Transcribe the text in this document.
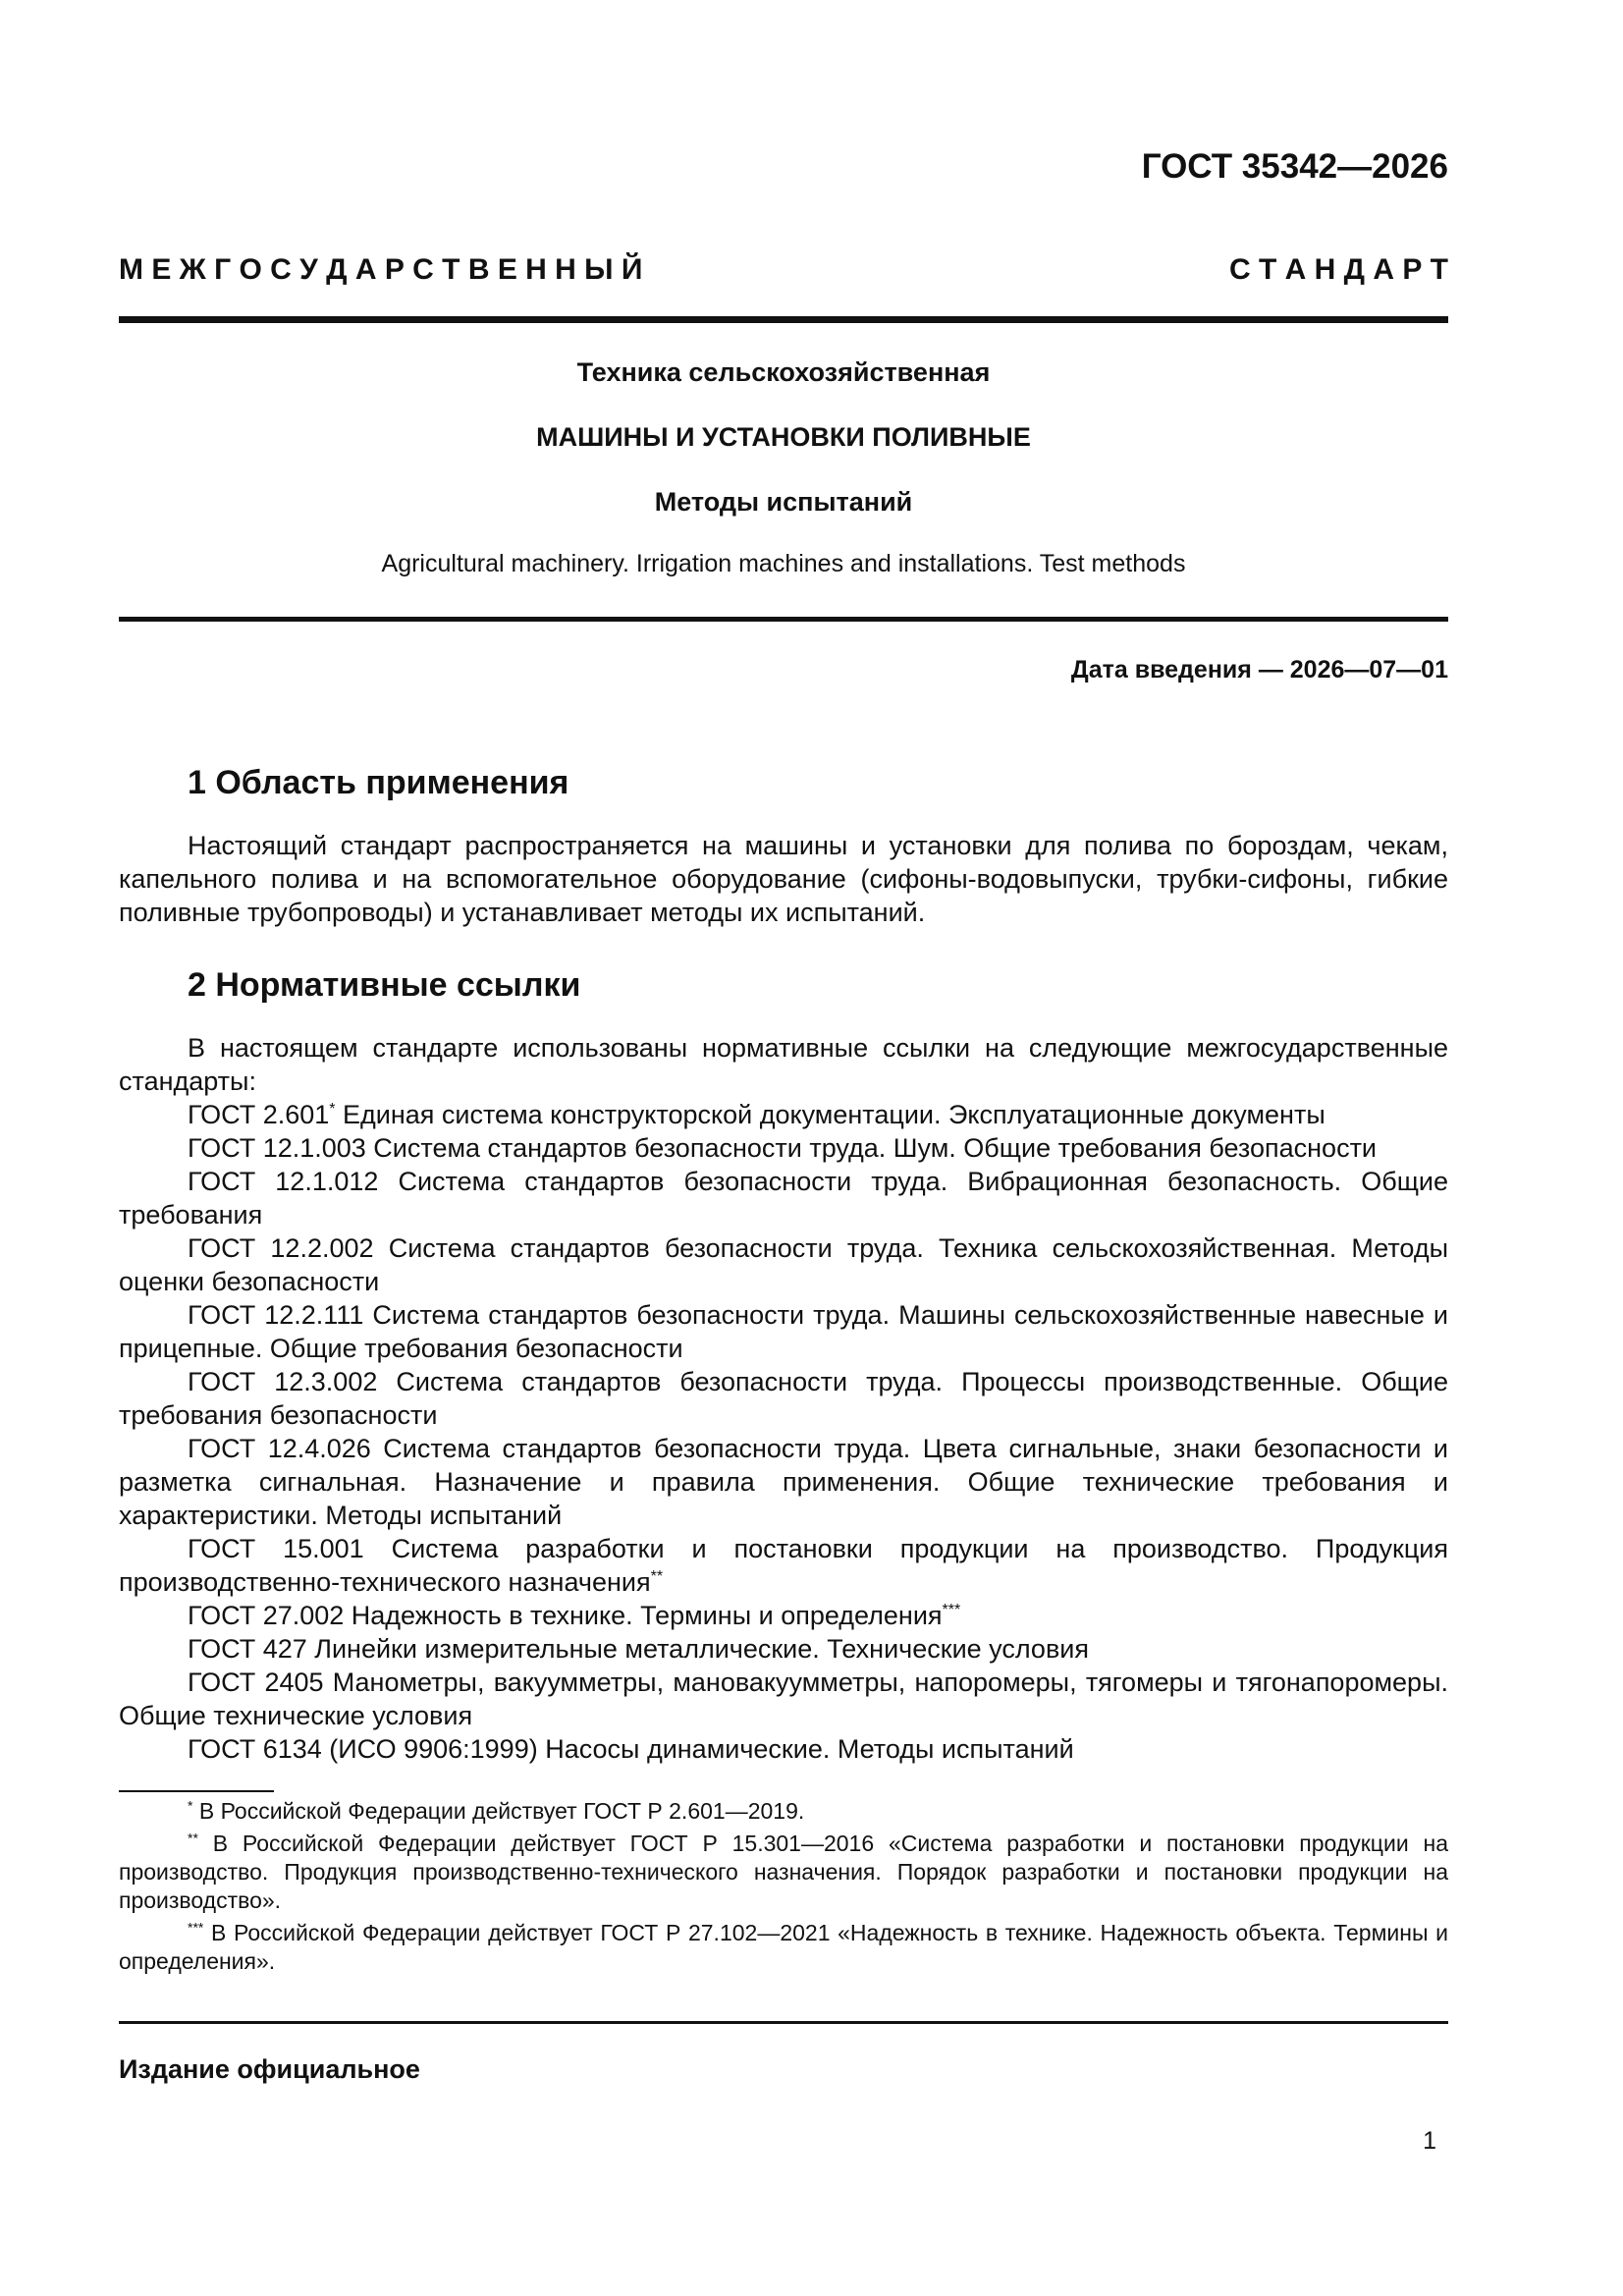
ГОСТ 35342—2026
М Е Ж Г О С У Д А Р С Т В Е Н Н Ы Й	С Т А Н Д А Р Т
Техника сельскохозяйственная
МАШИНЫ И УСТАНОВКИ ПОЛИВНЫЕ
Методы испытаний
Agricultural machinery. Irrigation machines and installations. Test methods
Дата введения — 2026—07—01
1 Область применения

Настоящий стандарт распространяется на машины и установки для полива по бороздам, чекам, капельного полива и на вспомогательное оборудование (сифоны-водовыпуски, трубки-сифоны, гибкие поливные трубопроводы) и устанавливает методы их испытаний.

2 Нормативные ссылки

В настоящем стандарте использованы нормативные ссылки на следующие межгосударственные стандарты:

ГОСТ 2.601* Единая система конструкторской документации. Эксплуатационные документы

ГОСТ 12.1.003 Система стандартов безопасности труда. Шум. Общие требования безопасности

ГОСТ 12.1.012 Система стандартов безопасности труда. Вибрационная безопасность. Общие требования

ГОСТ 12.2.002 Система стандартов безопасности труда. Техника сельскохозяйственная. Методы оценки безопасности

ГОСТ 12.2.111 Система стандартов безопасности труда. Машины сельскохозяйственные навесные и прицепные. Общие требования безопасности

ГОСТ 12.3.002 Система стандартов безопасности труда. Процессы производственные. Общие требования безопасности

ГОСТ 12.4.026 Система стандартов безопасности труда. Цвета сигнальные, знаки безопасности и разметка сигнальная. Назначение и правила применения. Общие технические требования и характеристики. Методы испытаний

ГОСТ 15.001 Система разработки и постановки продукции на производство. Продукция производственно-технического назначения**

ГОСТ 27.002 Надежность в технике. Термины и определения***

ГОСТ 427 Линейки измерительные металлические. Технические условия

ГОСТ 2405 Манометры, вакуумметры, мановакуумметры, напоромеры, тягомеры и тягонапоромеры. Общие технические условия

ГОСТ 6134 (ИСО 9906:1999) Насосы динамические. Методы испытаний

* В Российской Федерации действует ГОСТ Р 2.601—2019.

** В Российской Федерации действует ГОСТ Р 15.301—2016 «Система разработки и постановки продукции на производство. Продукция производственно-технического назначения. Порядок разработки и постановки продукции на производство».

*** В Российской Федерации действует ГОСТ Р 27.102—2021 «Надежность в технике. Надежность объекта. Термины и определения».

Издание официальное
1
